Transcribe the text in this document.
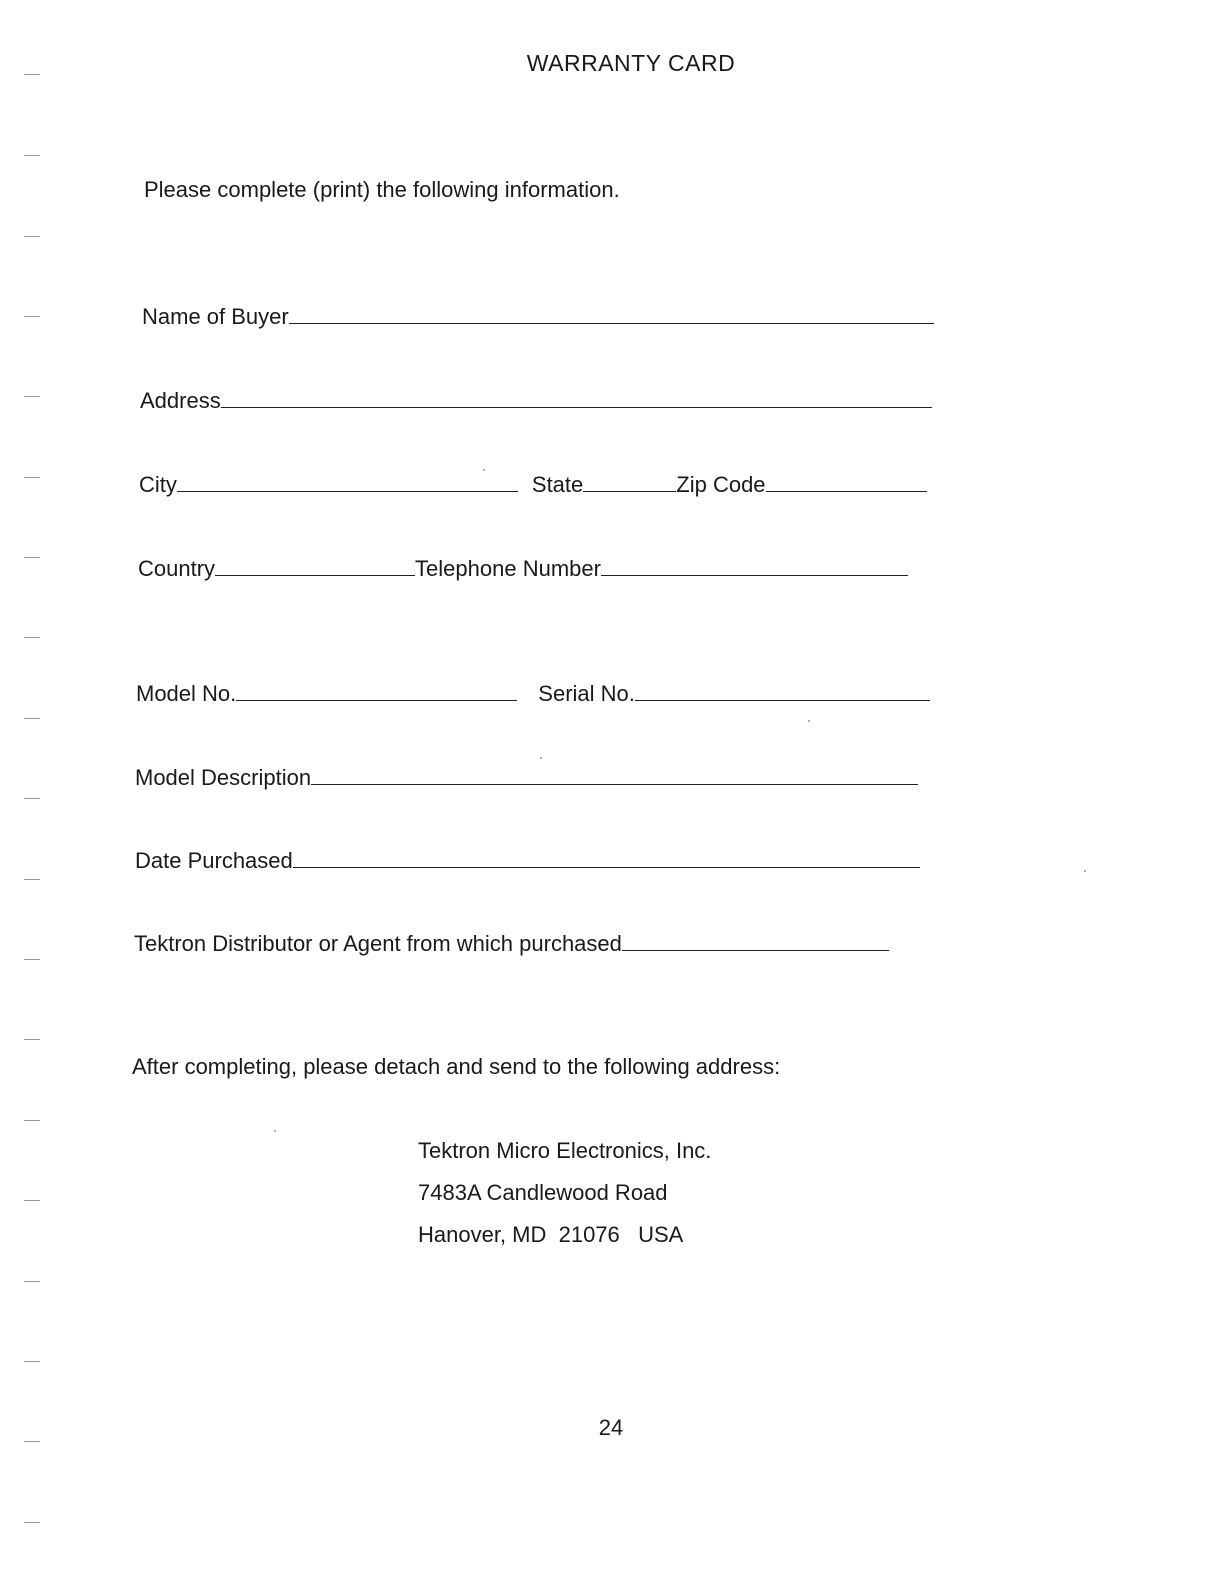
WARRANTY CARD
Please complete (print) the following information.
Name of Buyer
Address
City	State	Zip Code
Country	Telephone Number
Model No.	Serial No.
Model Description
Date Purchased
Tektron Distributor or Agent from which purchased
After completing, please detach and send to the following address:
Tektron Micro Electronics, Inc.
7483A Candlewood Road
Hanover, MD  21076   USA
24
